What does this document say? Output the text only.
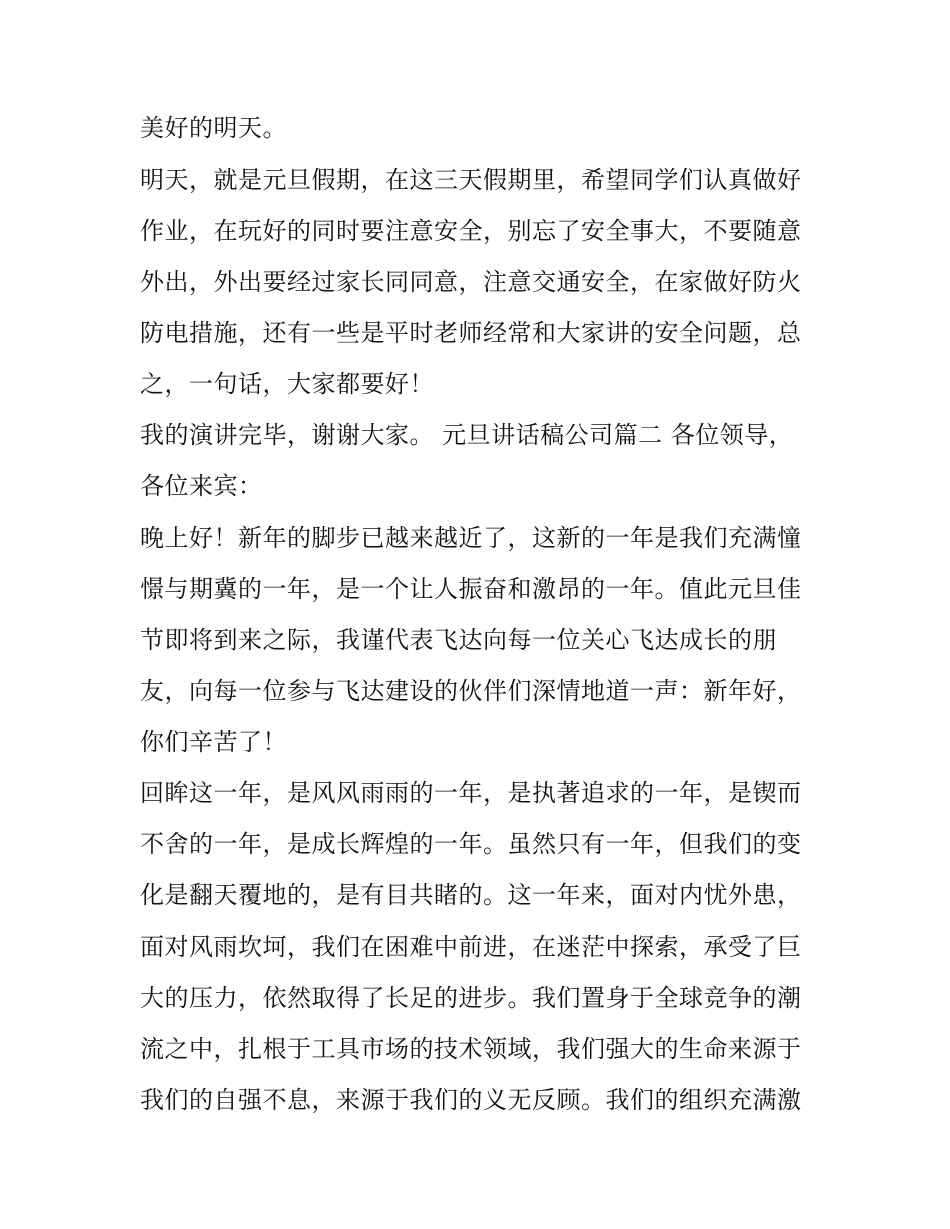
美好的明天。
明天，就是元旦假期，在这三天假期里，希望同学们认真做好
作业，在玩好的同时要注意安全，别忘了安全事大，不要随意
外出，外出要经过家长同同意，注意交通安全，在家做好防火
防电措施，还有一些是平时老师经常和大家讲的安全问题，总
之，一句话，大家都要好！
我的演讲完毕，谢谢大家。 元旦讲话稿公司篇二 各位领导，
各位来宾：
晚上好！新年的脚步已越来越近了，这新的一年是我们充满憧
憬与期冀的一年，是一个让人振奋和激昂的一年。值此元旦佳
节即将到来之际，我谨代表飞达向每一位关心飞达成长的朋
友，向每一位参与飞达建设的伙伴们深情地道一声：新年好，
你们辛苦了！
回眸这一年，是风风雨雨的一年，是执著追求的一年，是锲而
不舍的一年，是成长辉煌的一年。虽然只有一年，但我们的变
化是翻天覆地的，是有目共睹的。这一年来，面对内忧外患，
面对风雨坎坷，我们在困难中前进，在迷茫中探索，承受了巨
大的压力，依然取得了长足的进步。我们置身于全球竞争的潮
流之中，扎根于工具市场的技术领域，我们强大的生命来源于
我们的自强不息，来源于我们的义无反顾。我们的组织充满激
